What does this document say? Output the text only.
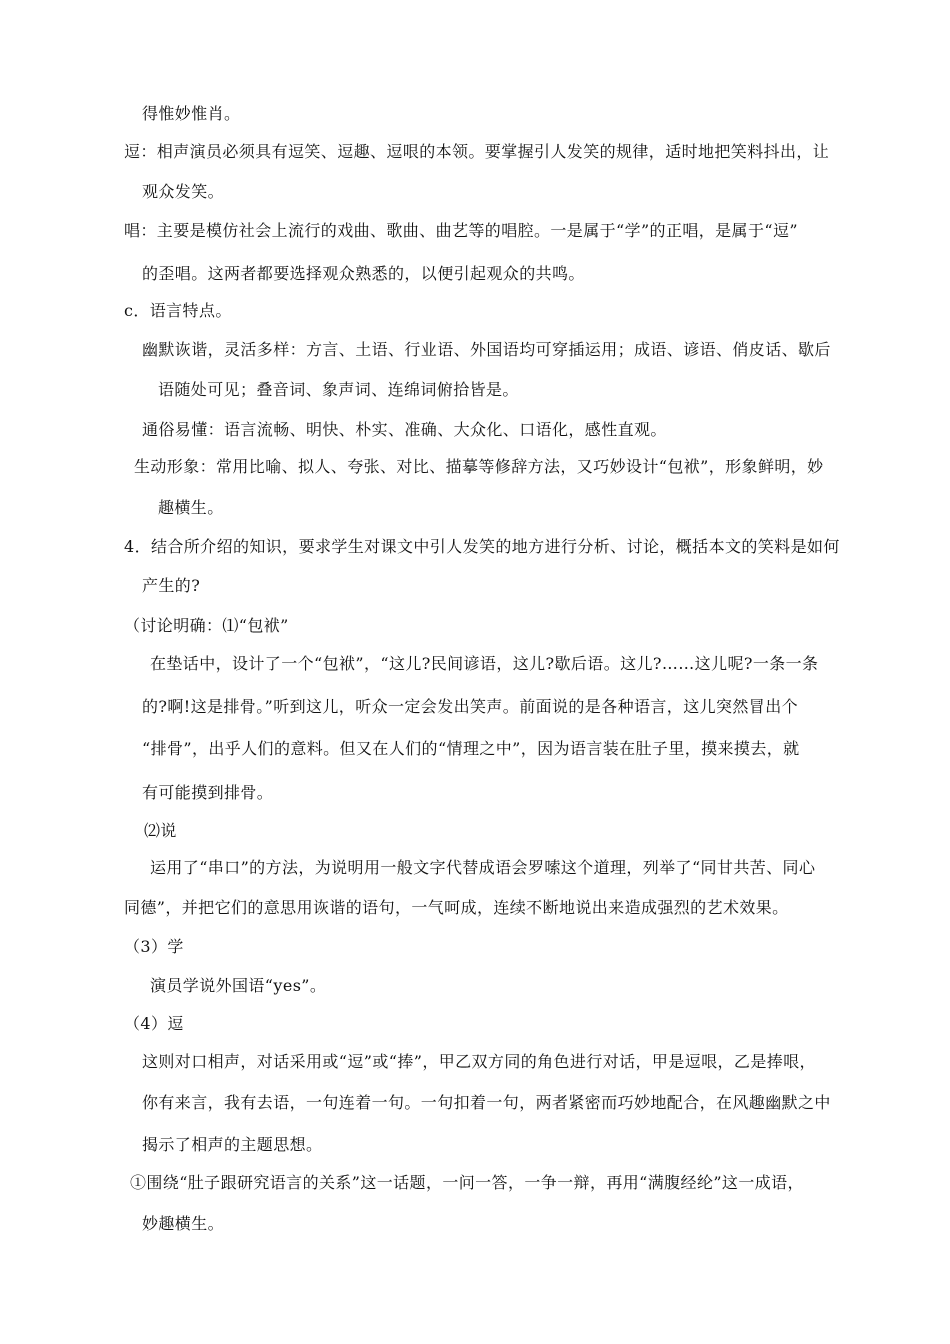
得惟妙惟肖。
逗：相声演员必须具有逗笑、逗趣、逗哏的本领。要掌握引人发笑的规律，适时地把笑料抖出，让
观众发笑。
唱：主要是模仿社会上流行的戏曲、歌曲、曲艺等的唱腔。一是属于“学”的正唱，是属于“逗”
的歪唱。这两者都要选择观众熟悉的，以便引起观众的共鸣。
c．语言特点。
幽默诙谐，灵活多样：方言、土语、行业语、外国语均可穿插运用；成语、谚语、俏皮话、歇后
语随处可见；叠音词、象声词、连绵词俯拾皆是。
通俗易懂：语言流畅、明快、朴实、准确、大众化、口语化，感性直观。
生动形象：常用比喻、拟人、夸张、对比、描摹等修辞方法，又巧妙设计“包袱”，形象鲜明，妙
趣横生。
4．结合所介绍的知识，要求学生对课文中引人发笑的地方进行分析、讨论，概括本文的笑料是如何
产生的?
（讨论明确：⑴“包袱”
在垫话中，设计了一个“包袱”，“这儿?民间谚语，这儿?歇后语。这儿?……这儿呢?一条一条
的?啊!这是排骨。”听到这儿，听众一定会发出笑声。前面说的是各种语言，这儿突然冒出个
“排骨”，出乎人们的意料。但又在人们的“情理之中”，因为语言装在肚子里，摸来摸去，就
有可能摸到排骨。
⑵说
运用了“串口”的方法，为说明用一般文字代替成语会罗嗦这个道理，列举了“同甘共苦、同心
同德”，并把它们的意思用诙谐的语句，一气呵成，连续不断地说出来造成强烈的艺术效果。
（3）学
演员学说外国语“yes”。
（4）逗
这则对口相声，对话采用或“逗”或“捧”，甲乙双方同的角色进行对话，甲是逗哏，乙是捧哏，
你有来言，我有去语，一句连着一句。一句扣着一句，两者紧密而巧妙地配合，在风趣幽默之中
揭示了相声的主题思想。
①围绕“肚子跟研究语言的关系”这一话题，一问一答，一争一辩，再用“满腹经纶”这一成语，
妙趣横生。
